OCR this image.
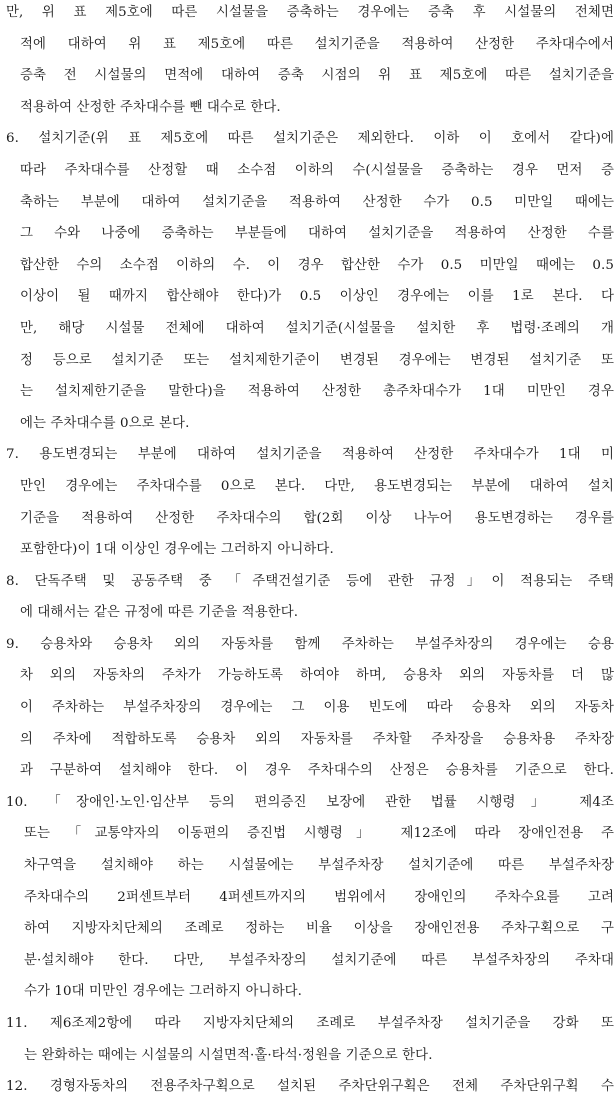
만, 위 표 제5호에 따른 시설물을 증축하는 경우에는 증축 후 시설물의 전체면
적에 대하여 위 표 제5호에 따른 설치기준을 적용하여 산정한 주차대수에서
증축 전 시설물의 면적에 대하여 증축 시점의 위 표 제5호에 따른 설치기준을
적용하여 산정한 주차대수를 뺀 대수로 한다.
6. 설치기준(위 표 제5호에 따른 설치기준은 제외한다. 이하 이 호에서 같다)에
따라 주차대수를 산정할 때 소수점 이하의 수(시설물을 증축하는 경우 먼저 증
축하는 부분에 대하여 설치기준을 적용하여 산정한 수가 0.5 미만일 때에는
그 수와 나중에 증축하는 부분들에 대하여 설치기준을 적용하여 산정한 수를
합산한 수의 소수점 이하의 수. 이 경우 합산한 수가 0.5 미만일 때에는 0.5
이상이 될 때까지 합산해야 한다)가 0.5 이상인 경우에는 이를 1로 본다. 다
만, 해당 시설물 전체에 대하여 설치기준(시설물을 설치한 후 법령·조례의 개
정 등으로 설치기준 또는 설치제한기준이 변경된 경우에는 변경된 설치기준 또
는 설치제한기준을 말한다)을 적용하여 산정한 총주차대수가 1대 미만인 경우
에는 주차대수를 0으로 본다.
7. 용도변경되는 부분에 대하여 설치기준을 적용하여 산정한 주차대수가 1대 미
만인 경우에는 주차대수를 0으로 본다. 다만, 용도변경되는 부분에 대하여 설치
기준을 적용하여 산정한 주차대수의 합(2회 이상 나누어 용도변경하는 경우를
포함한다)이 1대 이상인 경우에는 그러하지 아니하다.
8. 단독주택 및 공동주택 중 「주택건설기준 등에 관한 규정」이 적용되는 주택
에 대해서는 같은 규정에 따른 기준을 적용한다.
9. 승용차와 승용차 외의 자동차를 함께 주차하는 부설주차장의 경우에는 승용
차 외의 자동차의 주차가 가능하도록 하여야 하며, 승용차 외의 자동차를 더 많
이 주차하는 부설주차장의 경우에는 그 이용 빈도에 따라 승용차 외의 자동차
의 주차에 적합하도록 승용차 외의 자동차를 주차할 주차장을 승용차용 주차장
과 구분하여 설치해야 한다. 이 경우 주차대수의 산정은 승용차를 기준으로 한다.
10. 「장애인·노인·임산부 등의 편의증진 보장에 관한 법률 시행령」 제4조
또는 「교통약자의 이동편의 증진법 시행령」 제12조에 따라 장애인전용 주
차구역을 설치해야 하는 시설물에는 부설주차장 설치기준에 따른 부설주차장
주차대수의 2퍼센트부터 4퍼센트까지의 범위에서 장애인의 주차수요를 고려
하여 지방자치단체의 조례로 정하는 비율 이상을 장애인전용 주차구획으로 구
분·설치해야 한다. 다만, 부설주차장의 설치기준에 따른 부설주차장의 주차대
수가 10대 미만인 경우에는 그러하지 아니하다.
11. 제6조제2항에 따라 지방자치단체의 조례로 부설주차장 설치기준을 강화 또
는 완화하는 때에는 시설물의 시설면적·홀·타석·정원을 기준으로 한다.
12. 경형자동차의 전용주차구획으로 설치된 주차단위구획은 전체 주차단위구획 수
